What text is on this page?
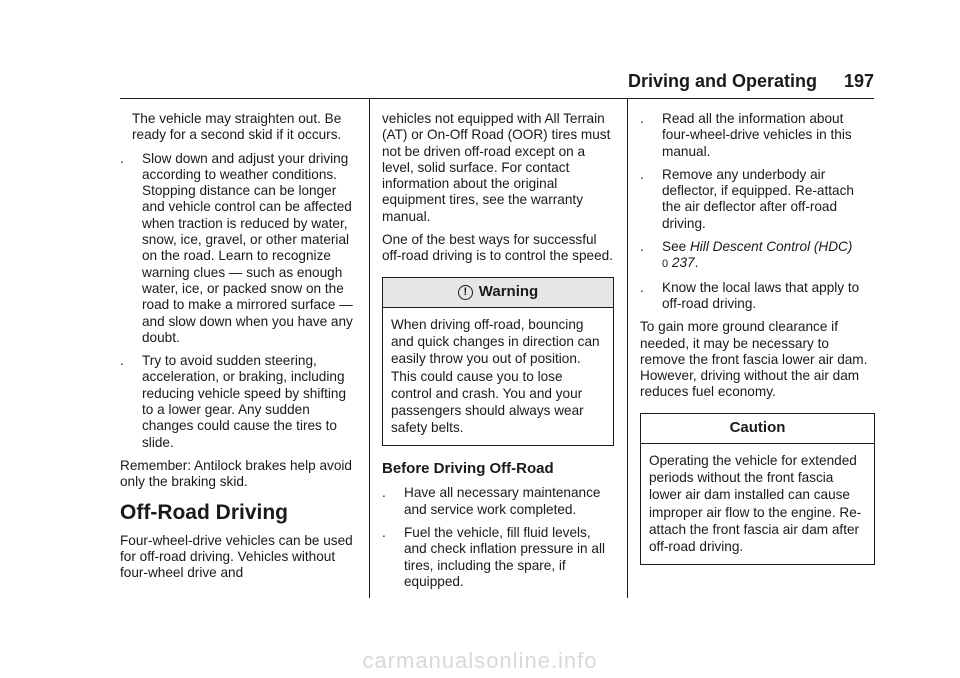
Driving and Operating	197

The vehicle may straighten out. Be ready for a second skid if it occurs.

. Slow down and adjust your driving according to weather conditions. Stopping distance can be longer and vehicle control can be affected when traction is reduced by water, snow, ice, gravel, or other material on the road. Learn to recognize warning clues — such as enough water, ice, or packed snow on the road to make a mirrored surface — and slow down when you have any doubt.
. Try to avoid sudden steering, acceleration, or braking, including reducing vehicle speed by shifting to a lower gear. Any sudden changes could cause the tires to slide.

Remember: Antilock brakes help avoid only the braking skid.

Off-Road Driving

Four-wheel-drive vehicles can be used for off-road driving. Vehicles without four-wheel drive and

vehicles not equipped with All Terrain (AT) or On-Off Road (OOR) tires must not be driven off-road except on a level, solid surface. For contact information about the original equipment tires, see the warranty manual.

One of the best ways for successful off-road driving is to control the speed.

! Warning
When driving off-road, bouncing and quick changes in direction can easily throw you out of position. This could cause you to lose control and crash. You and your passengers should always wear safety belts.
Before Driving Off-Road
. Have all necessary maintenance and service work completed.
. Fuel the vehicle, fill fluid levels, and check inflation pressure in all tires, including the spare, if equipped.
. Read all the information about four-wheel-drive vehicles in this manual.
. Remove any underbody air deflector, if equipped. Re-attach the air deflector after off-road driving.
. See Hill Descent Control (HDC)
0 237.
. Know the local laws that apply to off-road driving.

To gain more ground clearance if needed, it may be necessary to remove the front fascia lower air dam. However, driving without the air dam reduces fuel economy.

Caution
Operating the vehicle for extended periods without the front fascia lower air dam installed can cause improper air flow to the engine. Re-attach the front fascia air dam after off-road driving.
carmanualsonline.info
